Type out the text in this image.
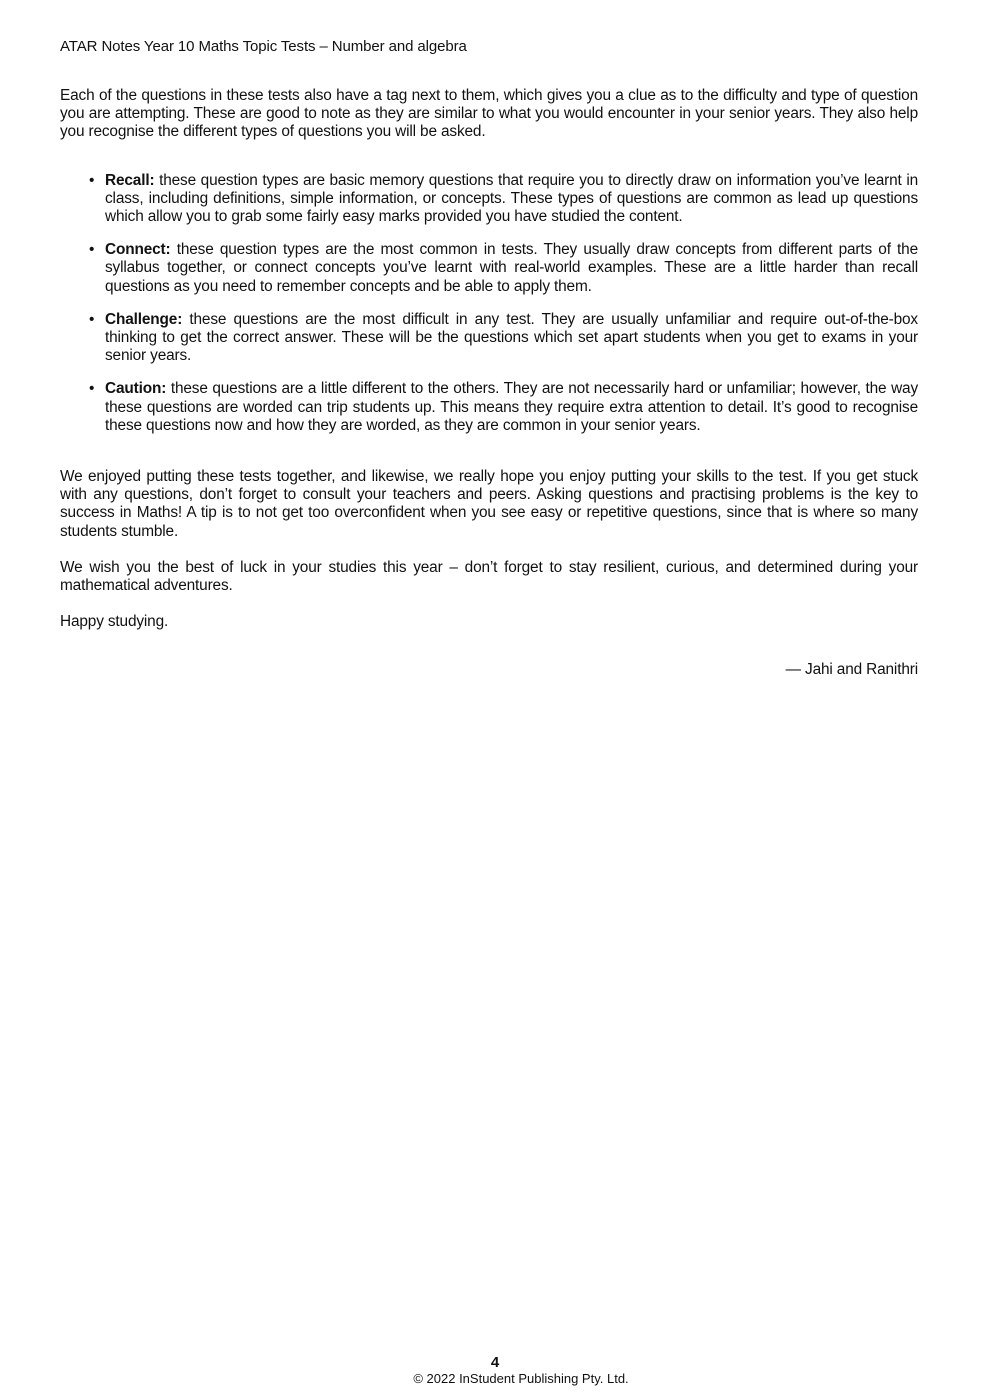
ATAR Notes Year 10 Maths Topic Tests – Number and algebra

Each of the questions in these tests also have a tag next to them, which gives you a clue as to the difficulty and type of question you are attempting. These are good to note as they are similar to what you would encounter in your senior years. They also help you recognise the different types of questions you will be asked.

• Recall: these question types are basic memory questions that require you to directly draw on information you’ve learnt in class, including definitions, simple information, or concepts. These types of questions are common as lead up questions which allow you to grab some fairly easy marks provided you have studied the content.
• Connect: these question types are the most common in tests. They usually draw concepts from different parts of the syllabus together, or connect concepts you’ve learnt with real-world examples. These are a little harder than recall questions as you need to remember concepts and be able to apply them.
• Challenge: these questions are the most difficult in any test. They are usually unfamiliar and require out-of-the-box thinking to get the correct answer. These will be the questions which set apart students when you get to exams in your senior years.
• Caution: these questions are a little different to the others. They are not necessarily hard or unfamiliar; however, the way these questions are worded can trip students up. This means they require extra attention to detail. It’s good to recognise these questions now and how they are worded, as they are common in your senior years.

We enjoyed putting these tests together, and likewise, we really hope you enjoy putting your skills to the test. If you get stuck with any questions, don’t forget to consult your teachers and peers. Asking questions and practising problems is the key to success in Maths! A tip is to not get too overconfident when you see easy or repetitive questions, since that is where so many students stumble.

We wish you the best of luck in your studies this year – don’t forget to stay resilient, curious, and determined during your mathematical adventures.

Happy studying.

— Jahi and Ranithri

4
© 2022 InStudent Publishing Pty. Ltd.
